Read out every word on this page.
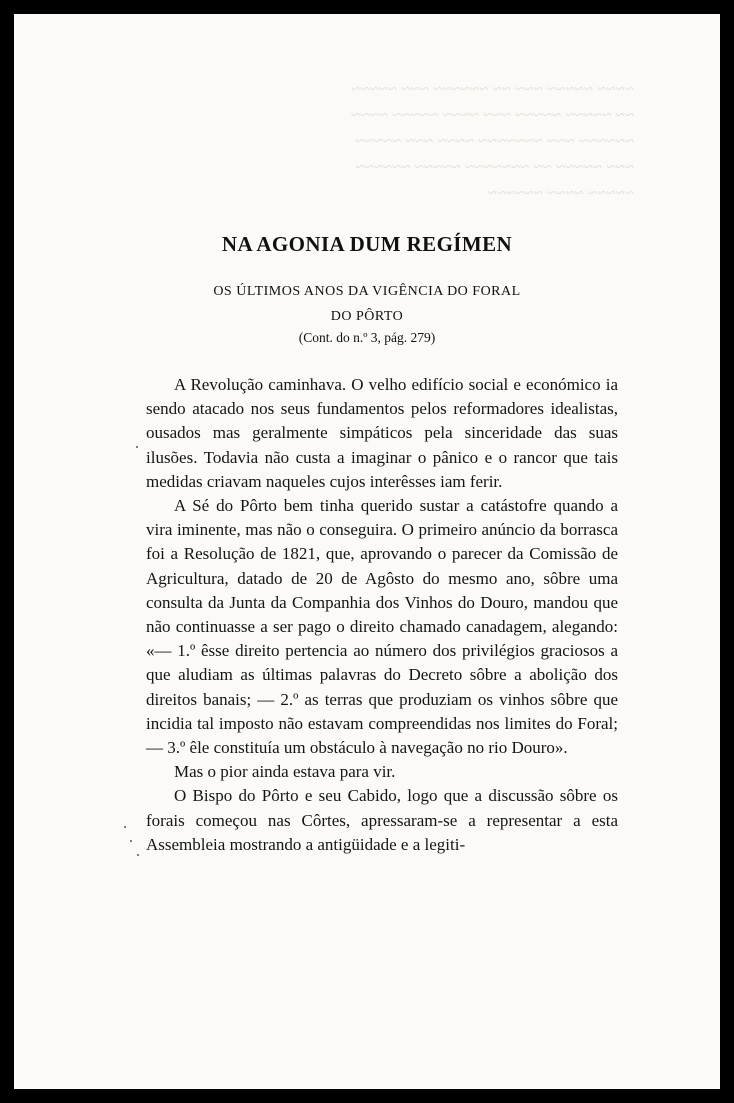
~~~~ ~~~~~ ~~~ ~~ ~~~~~~ ~~~ ~~~~~
~~ ~~~~~ ~~~~~ ~~~ ~~~~ ~~~~~ ~~~~
~~~~~~ ~~~ ~~~~~~~ ~~~~ ~~~ ~~~~~
~~~ ~~~~~ ~~ ~~~~~~~ ~~~~~ ~~~~~~
~~~~~ ~~~~ ~~~~~~
NA AGONIA DUM REGÍMEN
OS ÚLTIMOS ANOS DA VIGÊNCIA DO FORAL
DO PÔRTO
(Cont. do n.º 3, pág. 279)

A Revolução caminhava. O velho edifício social e económico ia sendo atacado nos seus fundamentos pelos reformadores idealistas, ousados mas geralmente simpáticos pela sinceridade das suas ilusões. Todavia não custa a imaginar o pânico e o rancor que tais medidas criavam naqueles cujos interêsses iam ferir.

A Sé do Pôrto bem tinha querido sustar a catástofre quando a vira iminente, mas não o conseguira. O primeiro anúncio da borrasca foi a Resolução de 1821, que, aprovando o parecer da Comissão de Agricultura, datado de 20 de Agôsto do mesmo ano, sôbre uma consulta da Junta da Companhia dos Vinhos do Douro, mandou que não continuasse a ser pago o direito chamado canadagem, alegando: «— 1.º êsse direito pertencia ao número dos privilégios graciosos a que aludiam as últimas palavras do Decreto sôbre a abolição dos direitos banais; — 2.º as terras que produziam os vinhos sôbre que incidia tal imposto não estavam compreendidas nos limites do Foral; — 3.º êle constituía um obstáculo à navegação no rio Douro».

Mas o pior ainda estava para vir.

O Bispo do Pôrto e seu Cabido, logo que a discussão sôbre os forais começou nas Côrtes, apressaram-se a representar a esta Assembleia mostrando a antigüidade e a legiti-
